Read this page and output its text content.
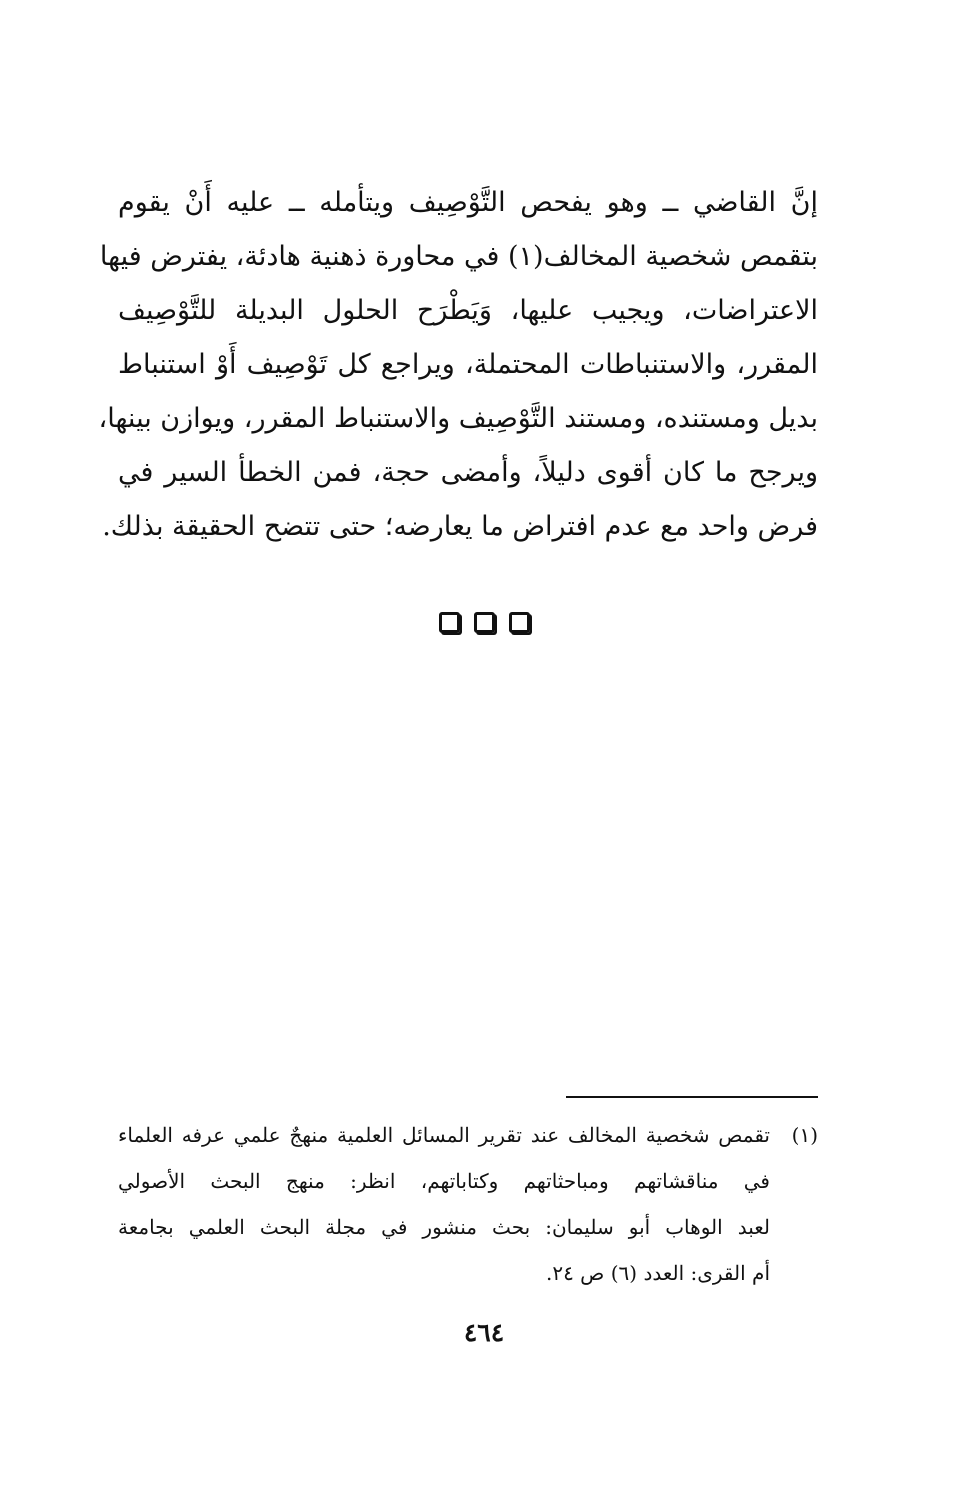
إنَّ القاضي ــ وهو يفحص التَّوْصِيف ويتأمله ــ عليه أَنْ يقوم
بتقمص شخصية المخالف(١) في محاورة ذهنية هادئة، يفترض فيها
الاعتراضات، ويجيب عليها، وَيَطْرَح الحلول البديلة للتَّوْصِيف
المقرر، والاستنباطات المحتملة، ويراجع كل تَوْصِيف أَوْ استنباط
بديل ومستنده، ومستند التَّوْصِيف والاستنباط المقرر، ويوازن بينها،
ويرجح ما كان أقوى دليلاً، وأمضى حجة، فمن الخطأ السير في
فرض واحد مع عدم افتراض ما يعارضه؛ حتى تتضح الحقيقة بذلك.
(١)تقمص شخصية المخالف عند تقرير المسائل العلمية منهجٌ علمي عرفه العلماء
في مناقشاتهم ومباحثاتهم وكتاباتهم، انظر: منهج البحث الأصولي
لعبد الوهاب أبو سليمان: بحث منشور في مجلة البحث العلمي بجامعة
أم القرى: العدد (٦) ص ٢٤.
٤٦٤
